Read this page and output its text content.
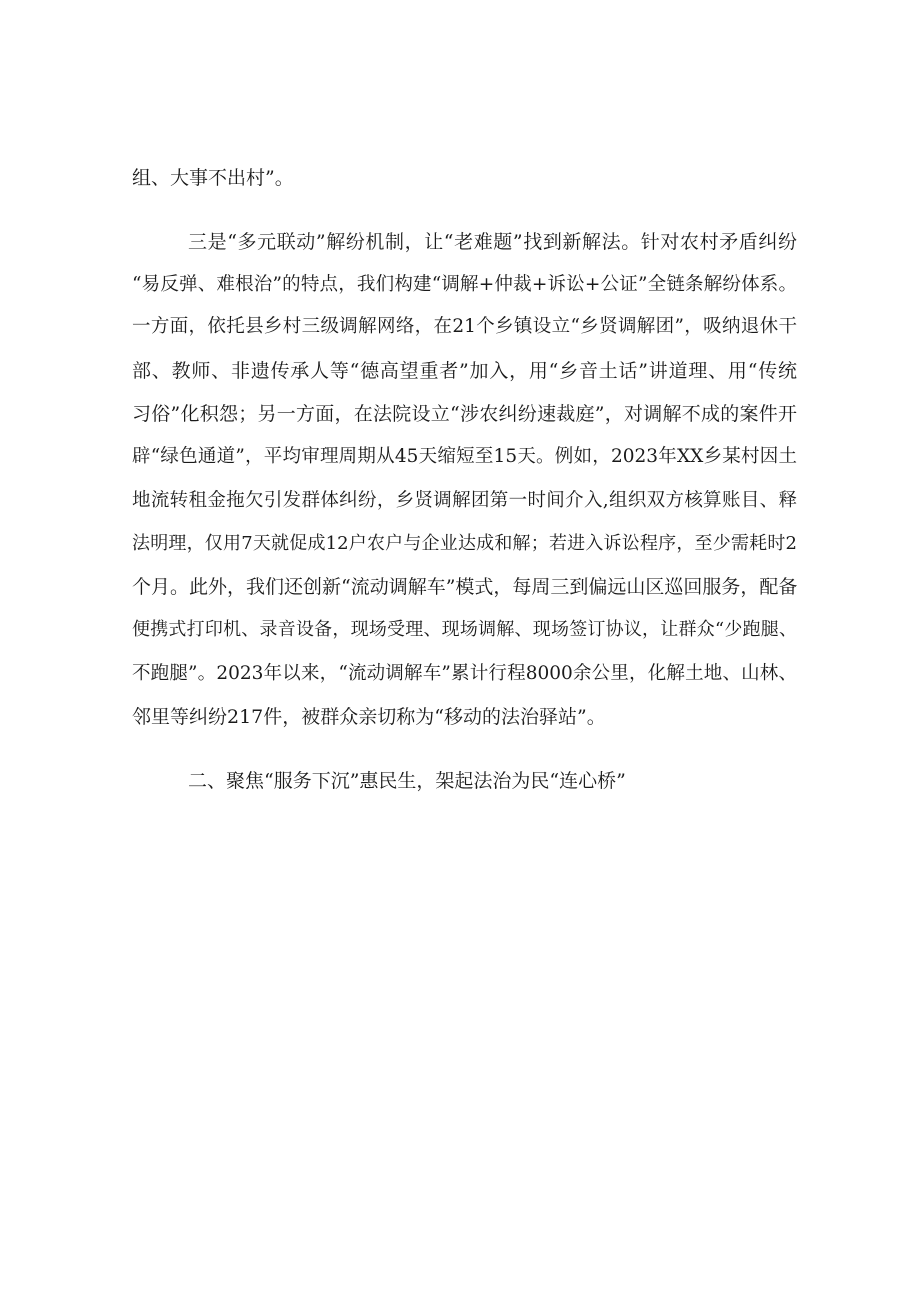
组、大事不出村”。
三是“多元联动”解纷机制，让“老难题”找到新解法。针对农村矛盾纠纷
“易反弹、难根治”的特点，我们构建“调解+仲裁+诉讼+公证”全链条解纷体系。
一方面，依托县乡村三级调解网络，在21个乡镇设立“乡贤调解团”，吸纳退休干
部、教师、非遗传承人等“德高望重者”加入，用“乡音土话”讲道理、用“传统
习俗”化积怨；另一方面，在法院设立“涉农纠纷速裁庭”，对调解不成的案件开
辟“绿色通道”，平均审理周期从45天缩短至15天。例如，2023年XX乡某村因土
地流转租金拖欠引发群体纠纷，乡贤调解团第一时间介入,组织双方核算账目、释
法明理，仅用7天就促成12户农户与企业达成和解；若进入诉讼程序，至少需耗时2
个月。此外，我们还创新“流动调解车”模式，每周三到偏远山区巡回服务，配备
便携式打印机、录音设备，现场受理、现场调解、现场签订协议，让群众“少跑腿、
不跑腿”。2023年以来，“流动调解车”累计行程8000余公里，化解土地、山林、
邻里等纠纷217件，被群众亲切称为“移动的法治驿站”。
二、聚焦“服务下沉”惠民生，架起法治为民“连心桥”
